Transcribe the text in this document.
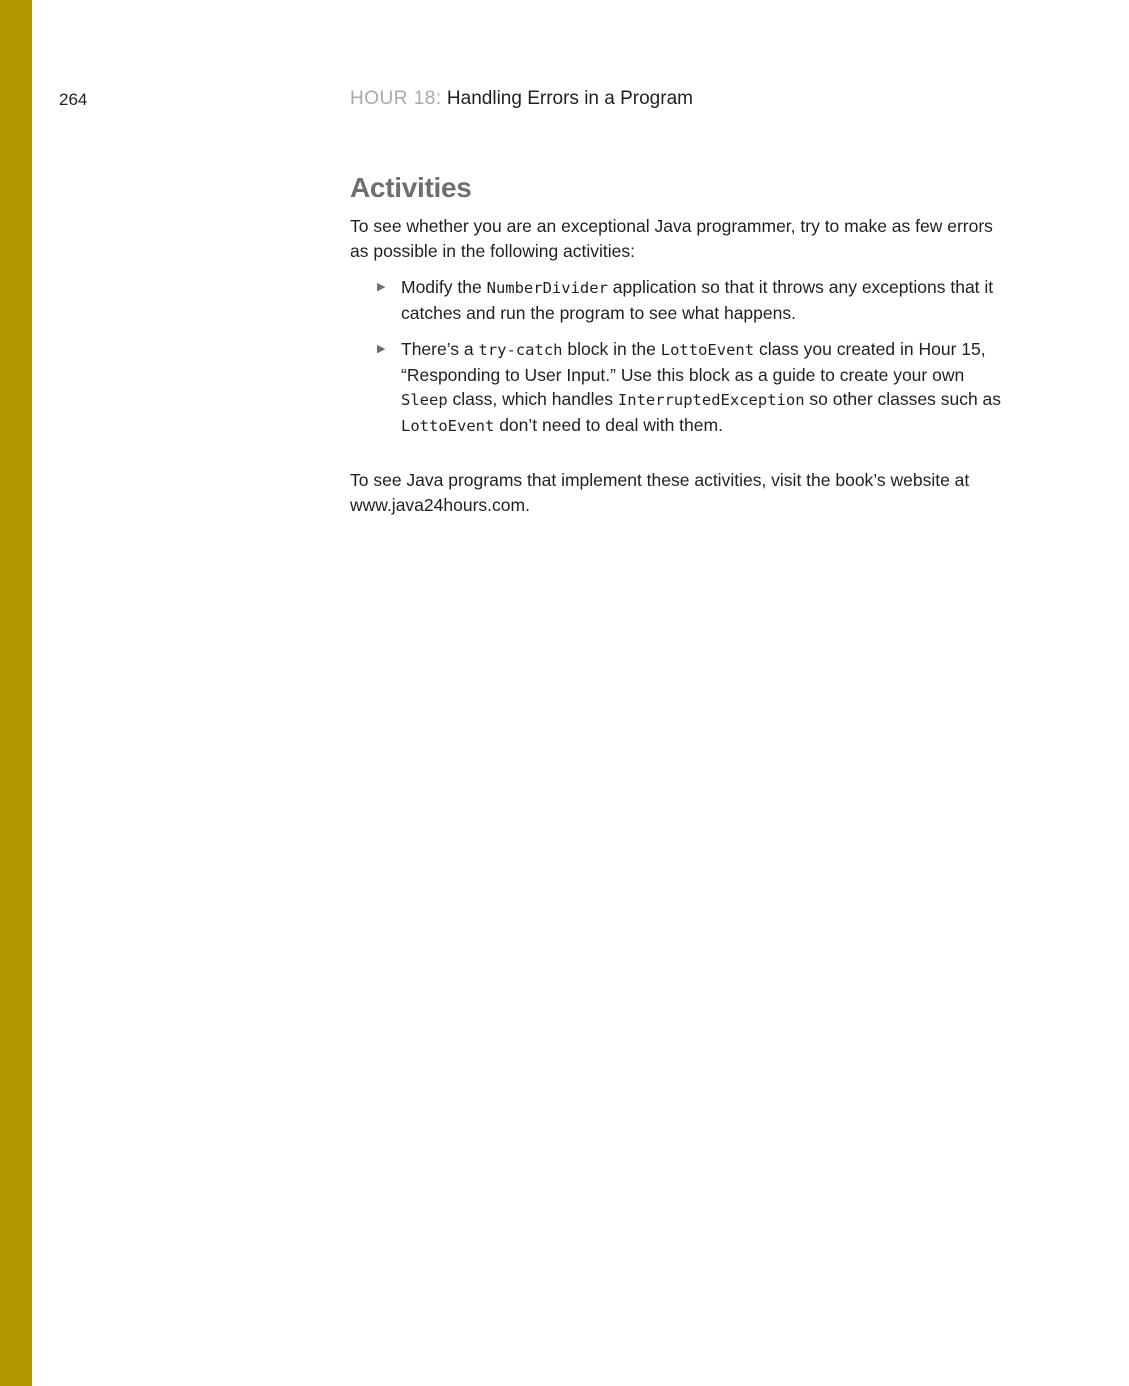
264	HOUR 18: Handling Errors in a Program
Activities

To see whether you are an exceptional Java programmer, try to make as few errors as possible in the following activities:

▶ Modify the NumberDivider application so that it throws any exceptions that it catches and run the program to see what happens.
▶ There’s a try-catch block in the LottoEvent class you created in Hour 15, “Responding to User Input.” Use this block as a guide to create your own Sleep class, which handles InterruptedException so other classes such as LottoEvent don’t need to deal with them.

To see Java programs that implement these activities, visit the book’s website at www.java24hours.com.
